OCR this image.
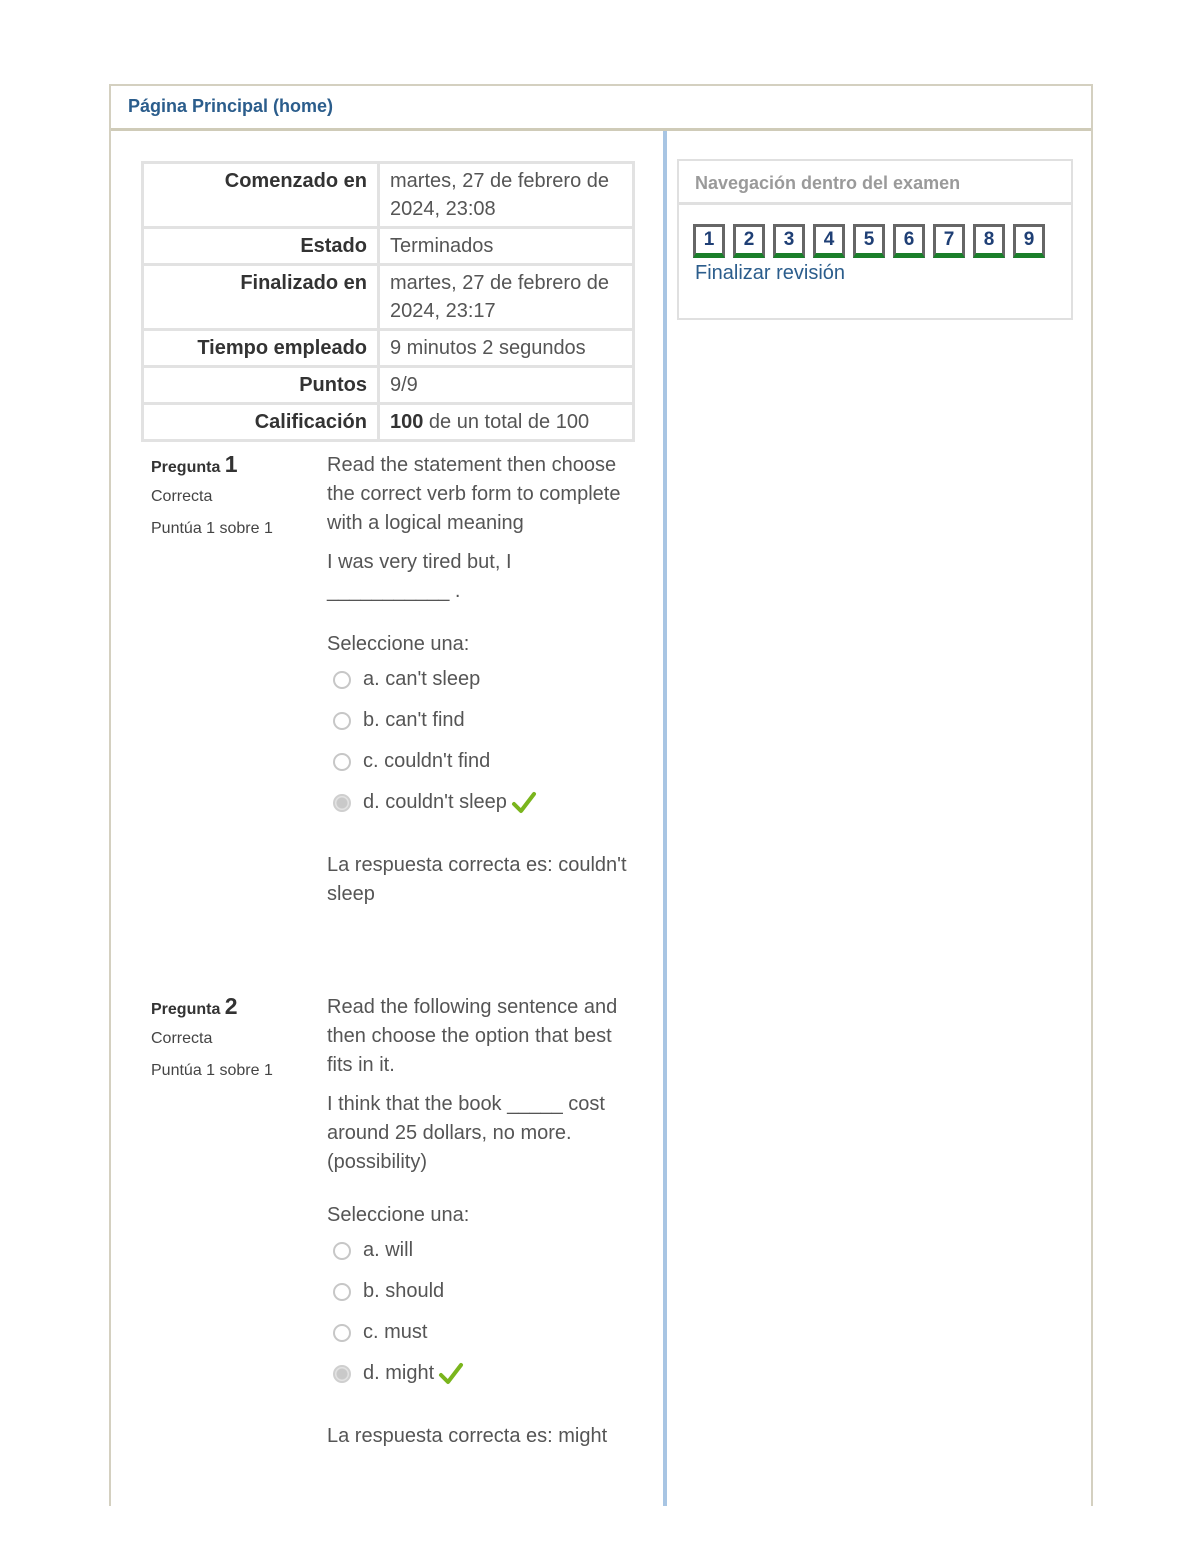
Página Principal (home)
Comenzado en	martes, 27 de febrero de 2024, 23:08
Estado	Terminados
Finalizado en	martes, 27 de febrero de 2024, 23:17
Tiempo empleado	9 minutos 2 segundos
Puntos	9/9
Calificación	100 de un total de 100
Pregunta 1
Correcta
Puntúa 1 sobre 1

Read the statement then choose the correct verb form to complete with a logical meaning

I was very tired but, I ___________ .

Seleccione una:
a. can't sleep
b. can't find
c. couldn't find
d. couldn't sleep
La respuesta correcta es: couldn't sleep
Pregunta 2
Correcta
Puntúa 1 sobre 1

Read the following sentence and then choose the option that best fits in it.

I think that the book _____ cost around 25 dollars, no more. (possibility)

Seleccione una:
a. will
b. should
c. must
d. might
La respuesta correcta es: might
Navegación dentro del examen
1	2	3	4	5	6	7	8	9
Finalizar revisión
